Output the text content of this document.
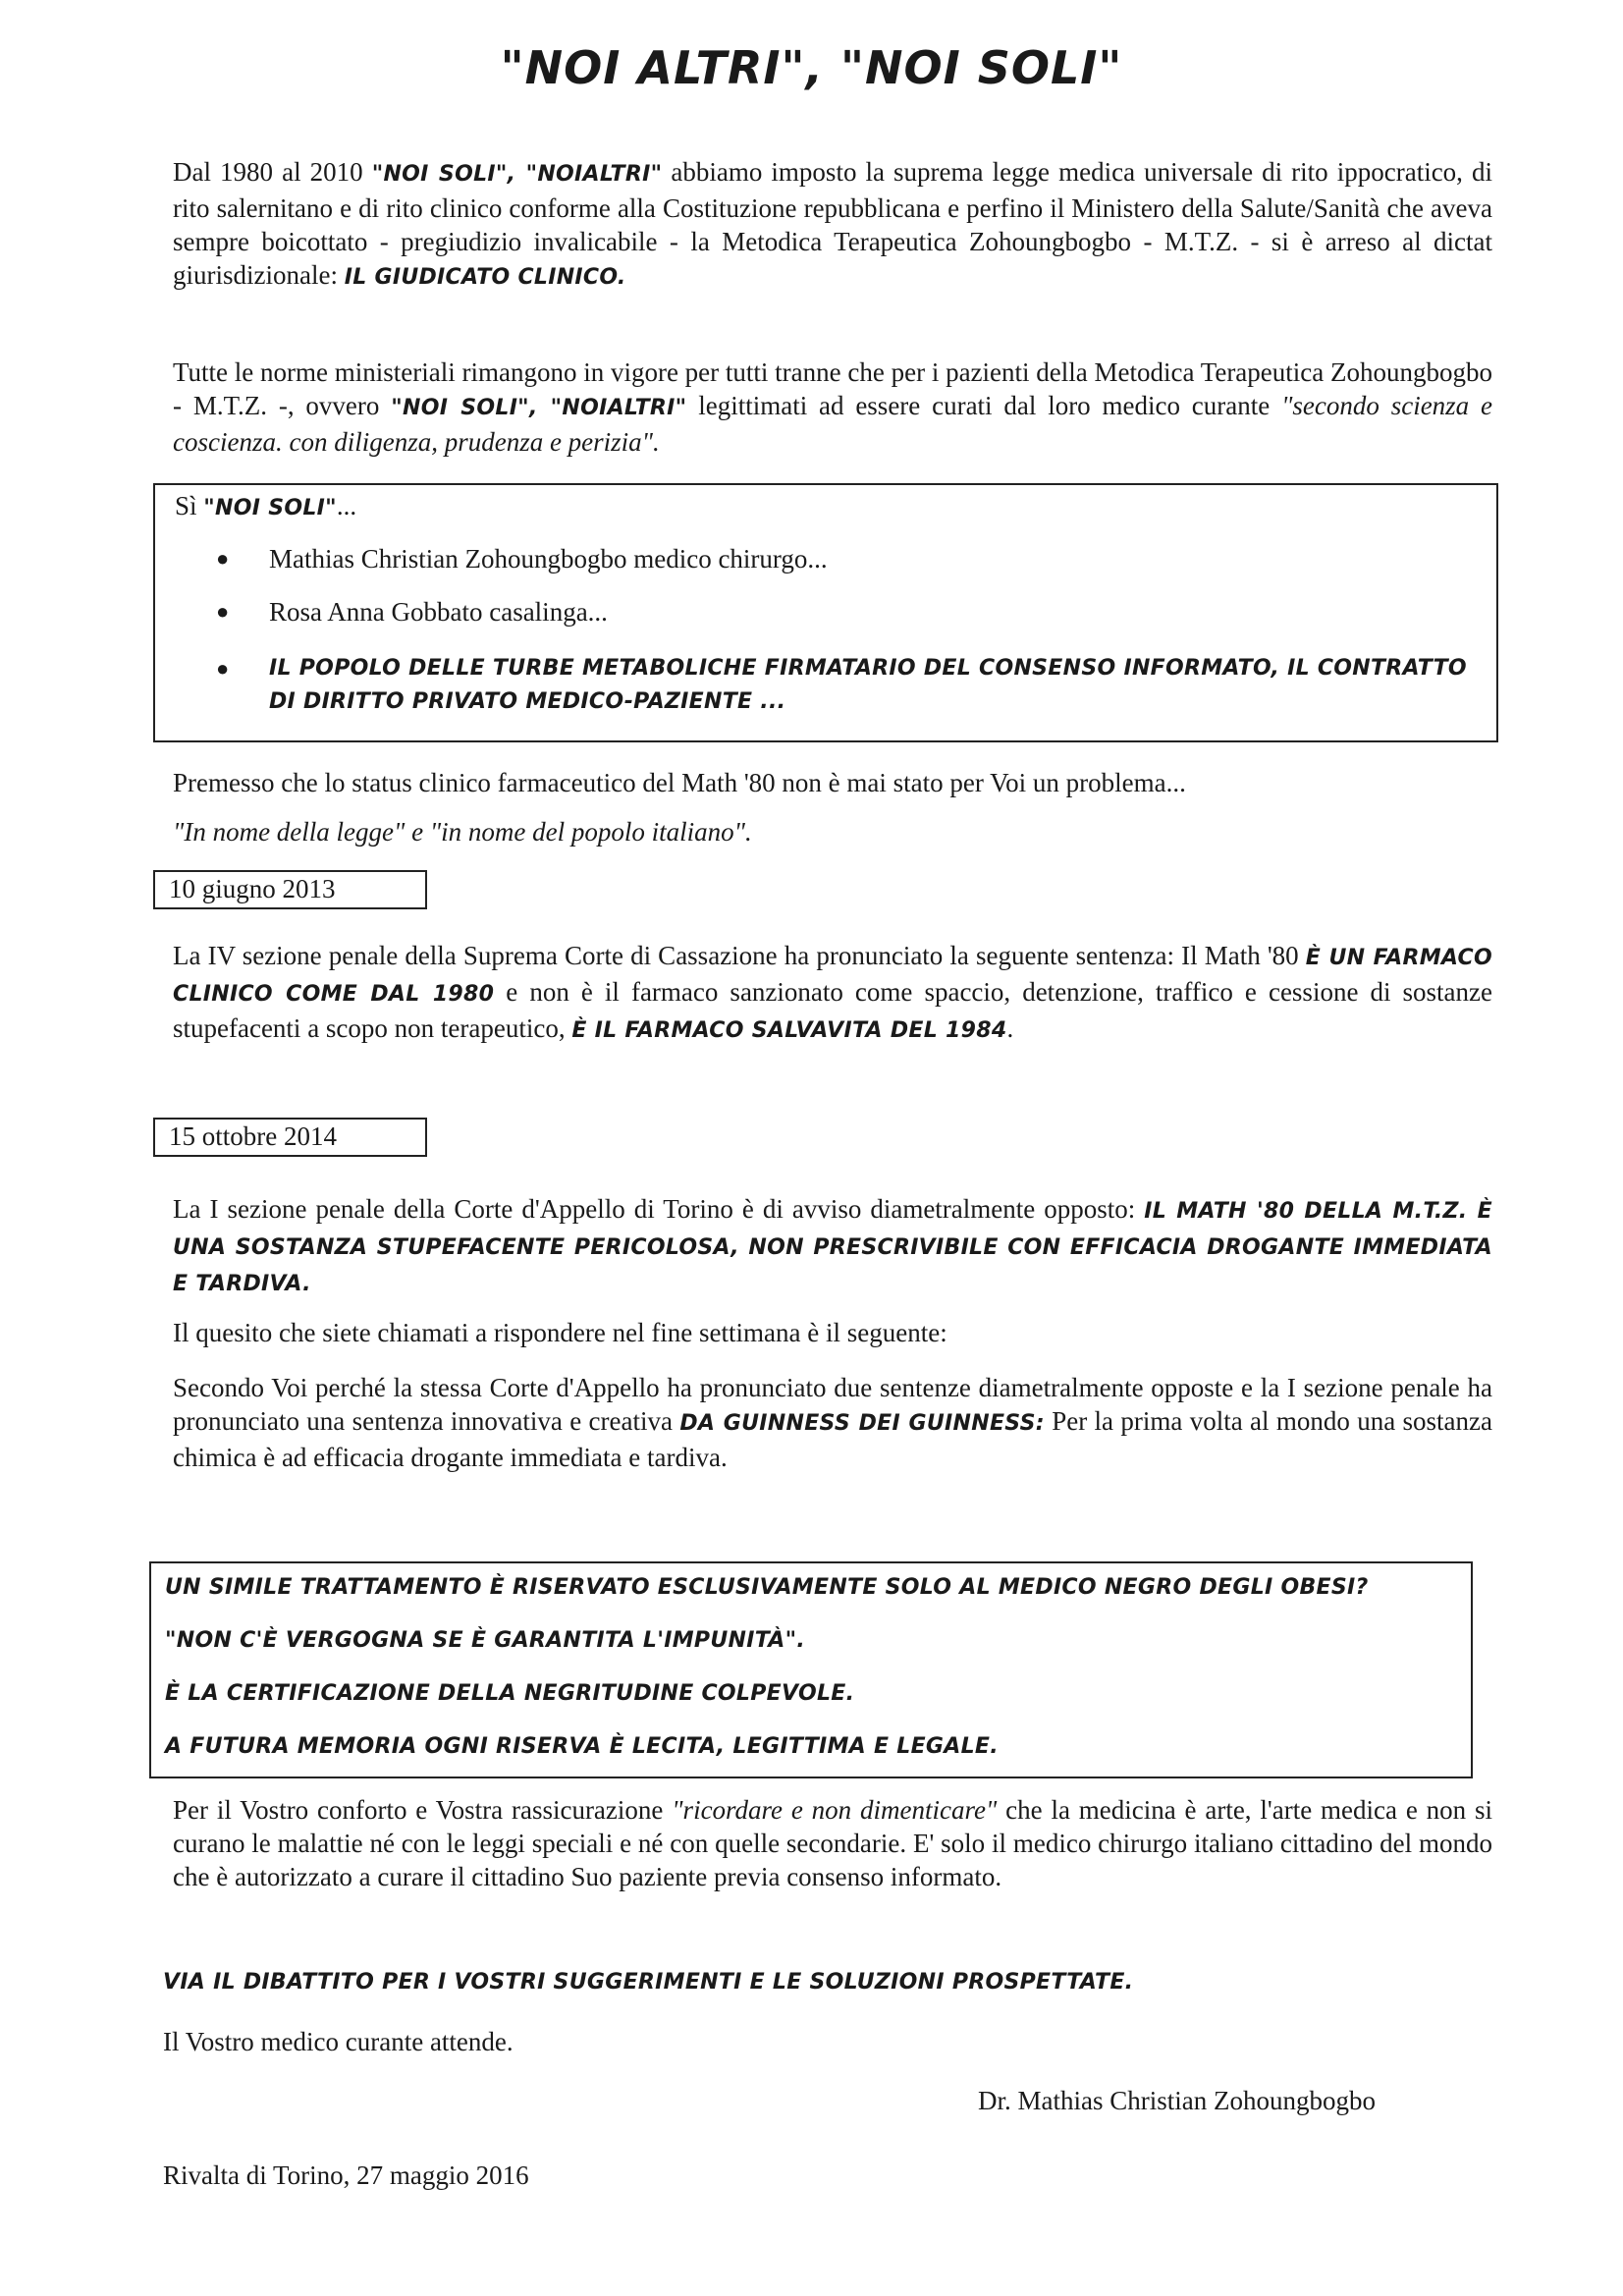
"NOI ALTRI", "NOI SOLI"
Dal 1980 al 2010 "NOI SOLI", "NOIALTRI" abbiamo imposto la suprema legge medica universale di rito ippocratico, di rito salernitano e di rito clinico conforme alla Costituzione repubblicana e perfino il Ministero della Salute/Sanità che aveva sempre boicottato - pregiudizio invalicabile - la Metodica Terapeutica Zohoungbogbo - M.T.Z. - si è arreso al dictat giurisdizionale: IL GIUDICATO CLINICO.
Tutte le norme ministeriali rimangono in vigore per tutti tranne che per i pazienti della Metodica Terapeutica Zohoungbogbo - M.T.Z. -, ovvero "NOI SOLI", "NOIALTRI" legittimati ad essere curati dal loro medico curante "secondo scienza e coscienza. con diligenza, prudenza e perizia".
Sì "NOI SOLI"...
● Mathias Christian Zohoungbogbo medico chirurgo...
● Rosa Anna Gobbato casalinga...
● IL POPOLO DELLE TURBE METABOLICHE FIRMATARIO DEL CONSENSO INFORMATO, IL CONTRATTO DI DIRITTO PRIVATO MEDICO-PAZIENTE ...
Premesso che lo status clinico farmaceutico del Math '80 non è mai stato per Voi un problema...
"In nome della legge" e "in nome del popolo italiano".
10 giugno 2013
La IV sezione penale della Suprema Corte di Cassazione ha pronunciato la seguente sentenza: Il Math '80 È UN FARMACO CLINICO COME DAL 1980 e non è il farmaco sanzionato come spaccio, detenzione, traffico e cessione di sostanze stupefacenti a scopo non terapeutico, È IL FARMACO SALVAVITA DEL 1984.
15 ottobre 2014
La I sezione penale della Corte d'Appello di Torino è di avviso diametralmente opposto: IL MATH '80 DELLA M.T.Z. È UNA SOSTANZA STUPEFACENTE PERICOLOSA, NON PRESCRIVIBILE CON EFFICACIA DROGANTE IMMEDIATA E TARDIVA.
Il quesito che siete chiamati a rispondere nel fine settimana è il seguente:
Secondo Voi perché la stessa Corte d'Appello ha pronunciato due sentenze diametralmente opposte e la I sezione penale ha pronunciato una sentenza innovativa e creativa DA GUINNESS DEI GUINNESS: Per la prima volta al mondo una sostanza chimica è ad efficacia drogante immediata e tardiva.
UN SIMILE TRATTAMENTO È RISERVATO ESCLUSIVAMENTE SOLO AL MEDICO NEGRO DEGLI OBESI?
"NON C'È VERGOGNA SE È GARANTITA L'IMPUNITÀ".
È LA CERTIFICAZIONE DELLA NEGRITUDINE COLPEVOLE.
A FUTURA MEMORIA OGNI RISERVA È LECITA, LEGITTIMA E LEGALE.
Per il Vostro conforto e Vostra rassicurazione "ricordare e non dimenticare" che la medicina è arte, l'arte medica e non si curano le malattie né con le leggi speciali e né con quelle secondarie. E' solo il medico chirurgo italiano cittadino del mondo che è autorizzato a curare il cittadino Suo paziente previa consenso informato.
VIA IL DIBATTITO PER I VOSTRI SUGGERIMENTI E LE SOLUZIONI PROSPETTATE.
Il Vostro medico curante attende.
Dr. Mathias Christian Zohoungbogbo
Rivalta di Torino, 27 maggio 2016
